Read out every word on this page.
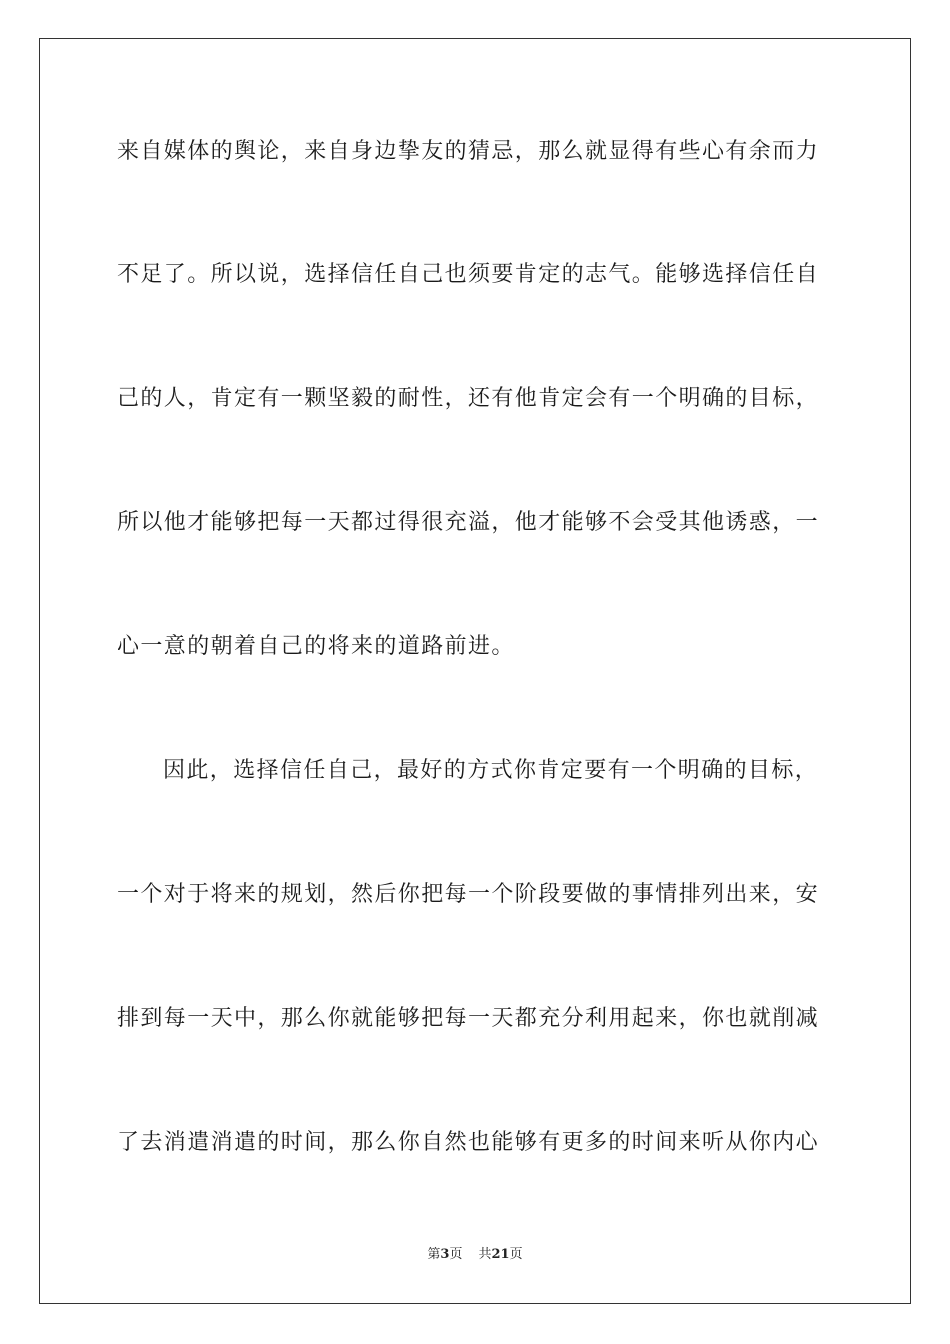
来自媒体的舆论，来自身边挚友的猜忌，那么就显得有些心有余而力
不足了。所以说，选择信任自己也须要肯定的志气。能够选择信任自
己的人，肯定有一颗坚毅的耐性，还有他肯定会有一个明确的目标，
所以他才能够把每一天都过得很充溢，他才能够不会受其他诱惑，一
心一意的朝着自己的将来的道路前进。
因此，选择信任自己，最好的方式你肯定要有一个明确的目标，
一个对于将来的规划，然后你把每一个阶段要做的事情排列出来，安
排到每一天中，那么你就能够把每一天都充分利用起来，你也就削减
了去消遣消遣的时间，那么你自然也能够有更多的时间来听从你内心
第3页 共21页
